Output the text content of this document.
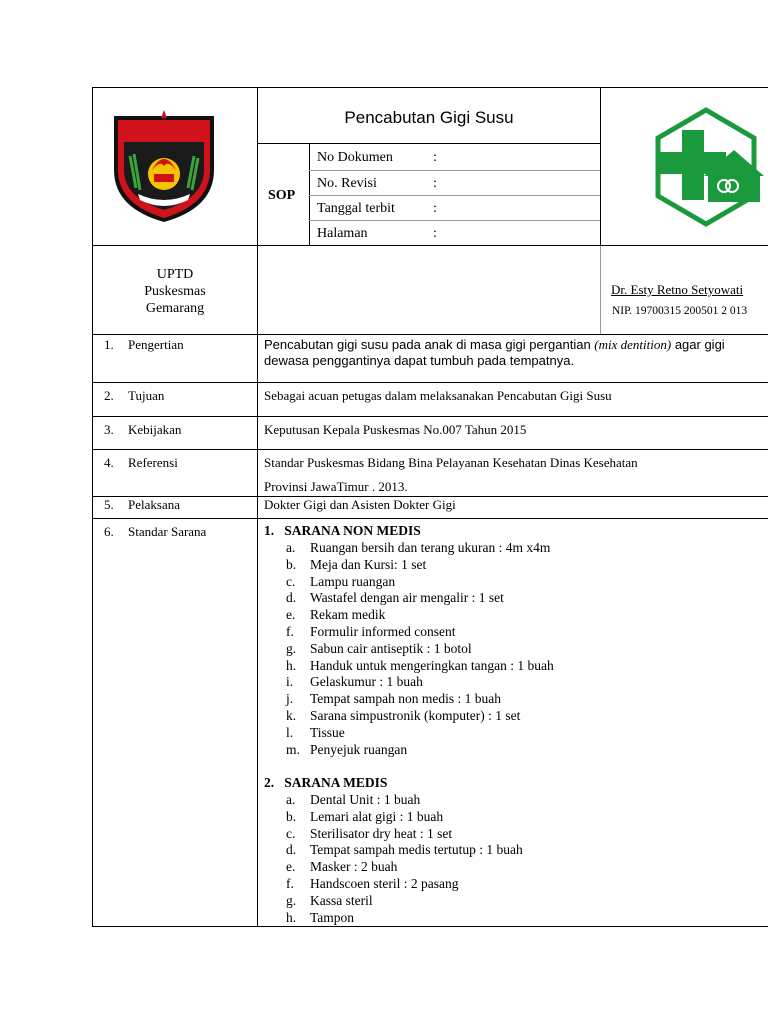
Pencabutan Gigi Susu
SOP
No Dokumen	:
No. Revisi	:
Tanggal terbit	:
Halaman	:
UPTD
Puskesmas
Gemarang
Dr. Esty Retno Setyowati
NIP. 19700315 200501 2 013
1. Pengertian	Pencabutan gigi susu pada anak di masa gigi pergantian (mix dentition) agar gigi
dewasa penggantinya dapat tumbuh pada tempatnya.
2. Tujuan	Sebagai acuan petugas dalam melaksanakan Pencabutan Gigi Susu
3. Kebijakan	Keputusan Kepala Puskesmas No.007 Tahun 2015
4. Referensi	Standar Puskesmas Bidang Bina Pelayanan Kesehatan Dinas Kesehatan
Provinsi JawaTimur . 2013.
5. Pelaksana	Dokter Gigi dan Asisten Dokter Gigi
6. Standar Sarana	1.   SARANA NON MEDIS
a.	Ruangan bersih dan terang ukuran : 4m x4m
b.	Meja dan Kursi: 1 set
c.	Lampu ruangan
d.	Wastafel dengan air mengalir : 1 set
e.	Rekam medik
f.	Formulir informed consent
g.	Sabun cair antiseptik : 1 botol
h.	Handuk untuk mengeringkan tangan : 1 buah
i.	Gelaskumur : 1 buah
j.	Tempat sampah non medis : 1 buah
k.	Sarana simpustronik (komputer) : 1 set
l.	Tissue
m. Penyejuk ruangan
2.   SARANA MEDIS
a.	Dental Unit : 1 buah
b.	Lemari alat gigi : 1 buah
c.	Sterilisator dry heat : 1 set
d.	Tempat sampah medis tertutup : 1 buah
e.	Masker : 2 buah
f.	Handscoen steril : 2 pasang
g.	Kassa steril
h.	Tampon
